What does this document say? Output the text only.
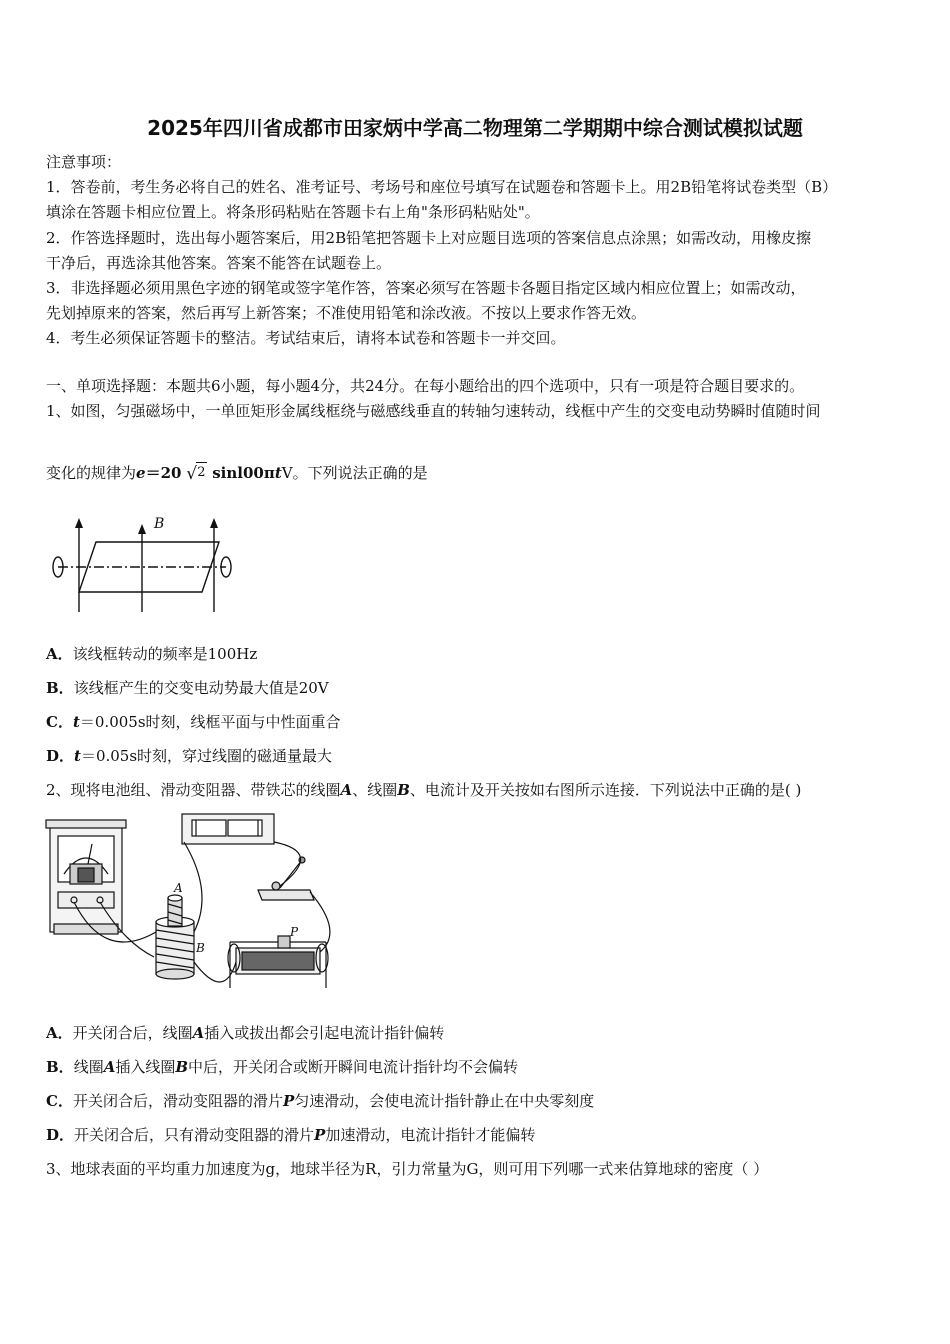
2025年四川省成都市田家炳中学高二物理第二学期期中综合测试模拟试题
注意事项：
1．答卷前，考生务必将自己的姓名、准考证号、考场号和座位号填写在试题卷和答题卡上。用2B铅笔将试卷类型（B）
填涂在答题卡相应位置上。将条形码粘贴在答题卡右上角"条形码粘贴处"。
2．作答选择题时，选出每小题答案后，用2B铅笔把答题卡上对应题目选项的答案信息点涂黑；如需改动，用橡皮擦
干净后，再选涂其他答案。答案不能答在试题卷上。
3．非选择题必须用黑色字迹的钢笔或签字笔作答，答案必须写在答题卡各题目指定区域内相应位置上；如需改动，
先划掉原来的答案，然后再写上新答案；不准使用铅笔和涂改液。不按以上要求作答无效。
4．考生必须保证答题卡的整洁。考试结束后，请将本试卷和答题卡一并交回。
一、单项选择题：本题共6小题，每小题4分，共24分。在每小题给出的四个选项中，只有一项是符合题目要求的。
1、如图，匀强磁场中，一单匝矩形金属线框绕与磁感线垂直的转轴匀速转动，线框中产生的交变电动势瞬时值随时间
变化的规律为e＝20 √ 2 sinl00πtV。下列说法正确的是
B
A．该线框转动的频率是100Hz
B．该线框产生的交变电动势最大值是20V
C．t＝0.005s时刻，线框平面与中性面重合
D．t＝0.05s时刻，穿过线圈的磁通量最大
2、现将电池组、滑动变阻器、带铁芯的线圈A、线圈B、电流计及开关按如右图所示连接．下列说法中正确的是( )
A
B
P
A．开关闭合后，线圈A插入或拔出都会引起电流计指针偏转
B．线圈A插入线圈B中后，开关闭合或断开瞬间电流计指针均不会偏转
C．开关闭合后，滑动变阻器的滑片P匀速滑动，会使电流计指针静止在中央零刻度
D．开关闭合后，只有滑动变阻器的滑片P加速滑动，电流计指针才能偏转
3、地球表面的平均重力加速度为g，地球半径为R，引力常量为G，则可用下列哪一式来估算地球的密度（ ）
